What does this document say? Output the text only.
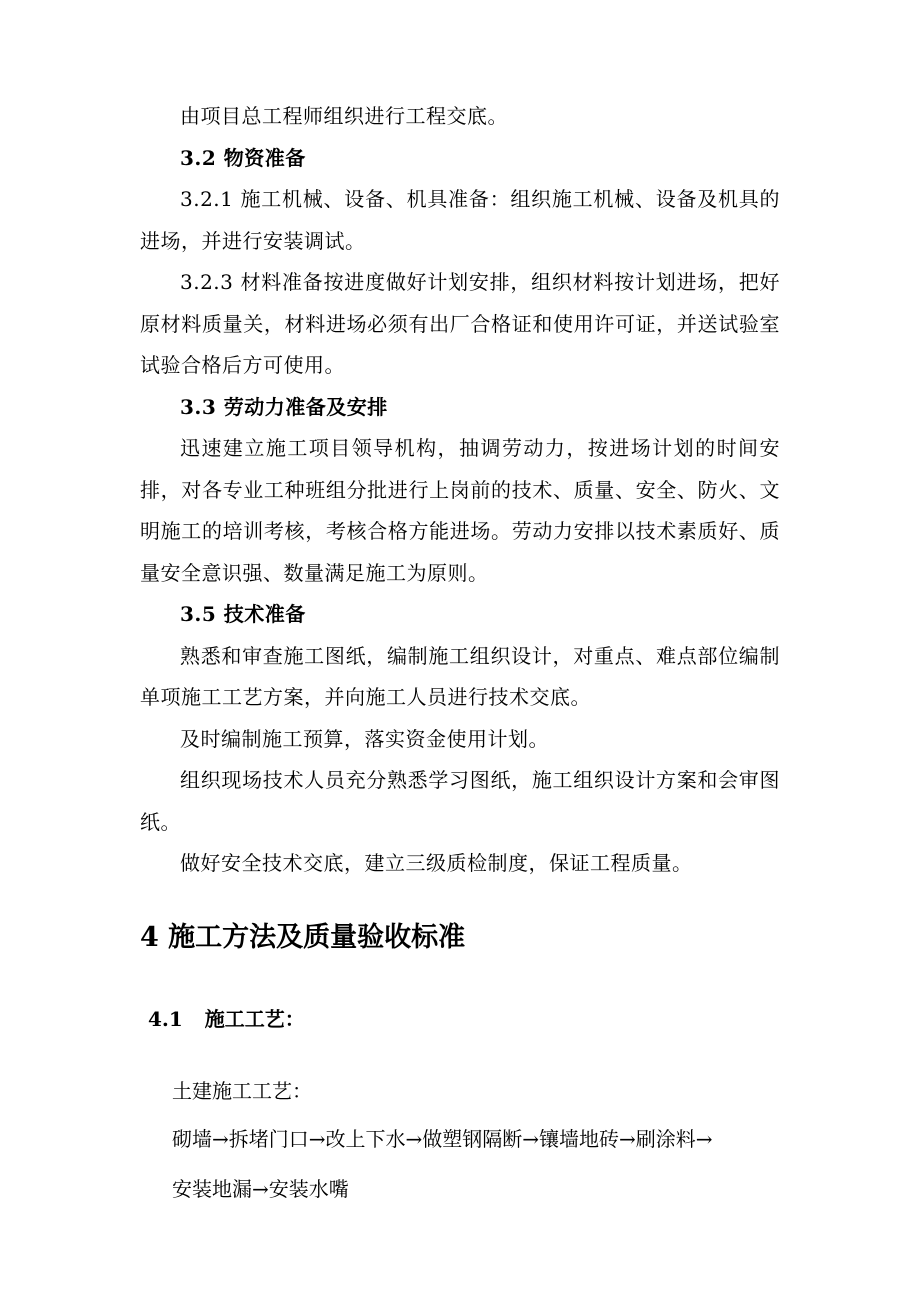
由项目总工程师组织进行工程交底。

3.2 物资准备

3.2.1 施工机械、设备、机具准备：组织施工机械、设备及机具的进场，并进行安装调试。

3.2.3 材料准备按进度做好计划安排，组织材料按计划进场，把好原材料质量关，材料进场必须有出厂合格证和使用许可证，并送试验室试验合格后方可使用。

3.3 劳动力准备及安排

迅速建立施工项目领导机构，抽调劳动力，按进场计划的时间安排，对各专业工种班组分批进行上岗前的技术、质量、安全、防火、文明施工的培训考核，考核合格方能进场。劳动力安排以技术素质好、质量安全意识强、数量满足施工为原则。

3.5 技术准备

熟悉和审查施工图纸，编制施工组织设计，对重点、难点部位编制单项施工工艺方案，并向施工人员进行技术交底。

及时编制施工预算，落实资金使用计划。

组织现场技术人员充分熟悉学习图纸，施工组织设计方案和会审图纸。

做好安全技术交底，建立三级质检制度，保证工程质量。

4 施工方法及质量验收标准
4.1 施工工艺：

土建施工工艺：

砌墙→拆堵门口→改上下水→做塑钢隔断→镶墙地砖→刷涂料→

安装地漏→安装水嘴
